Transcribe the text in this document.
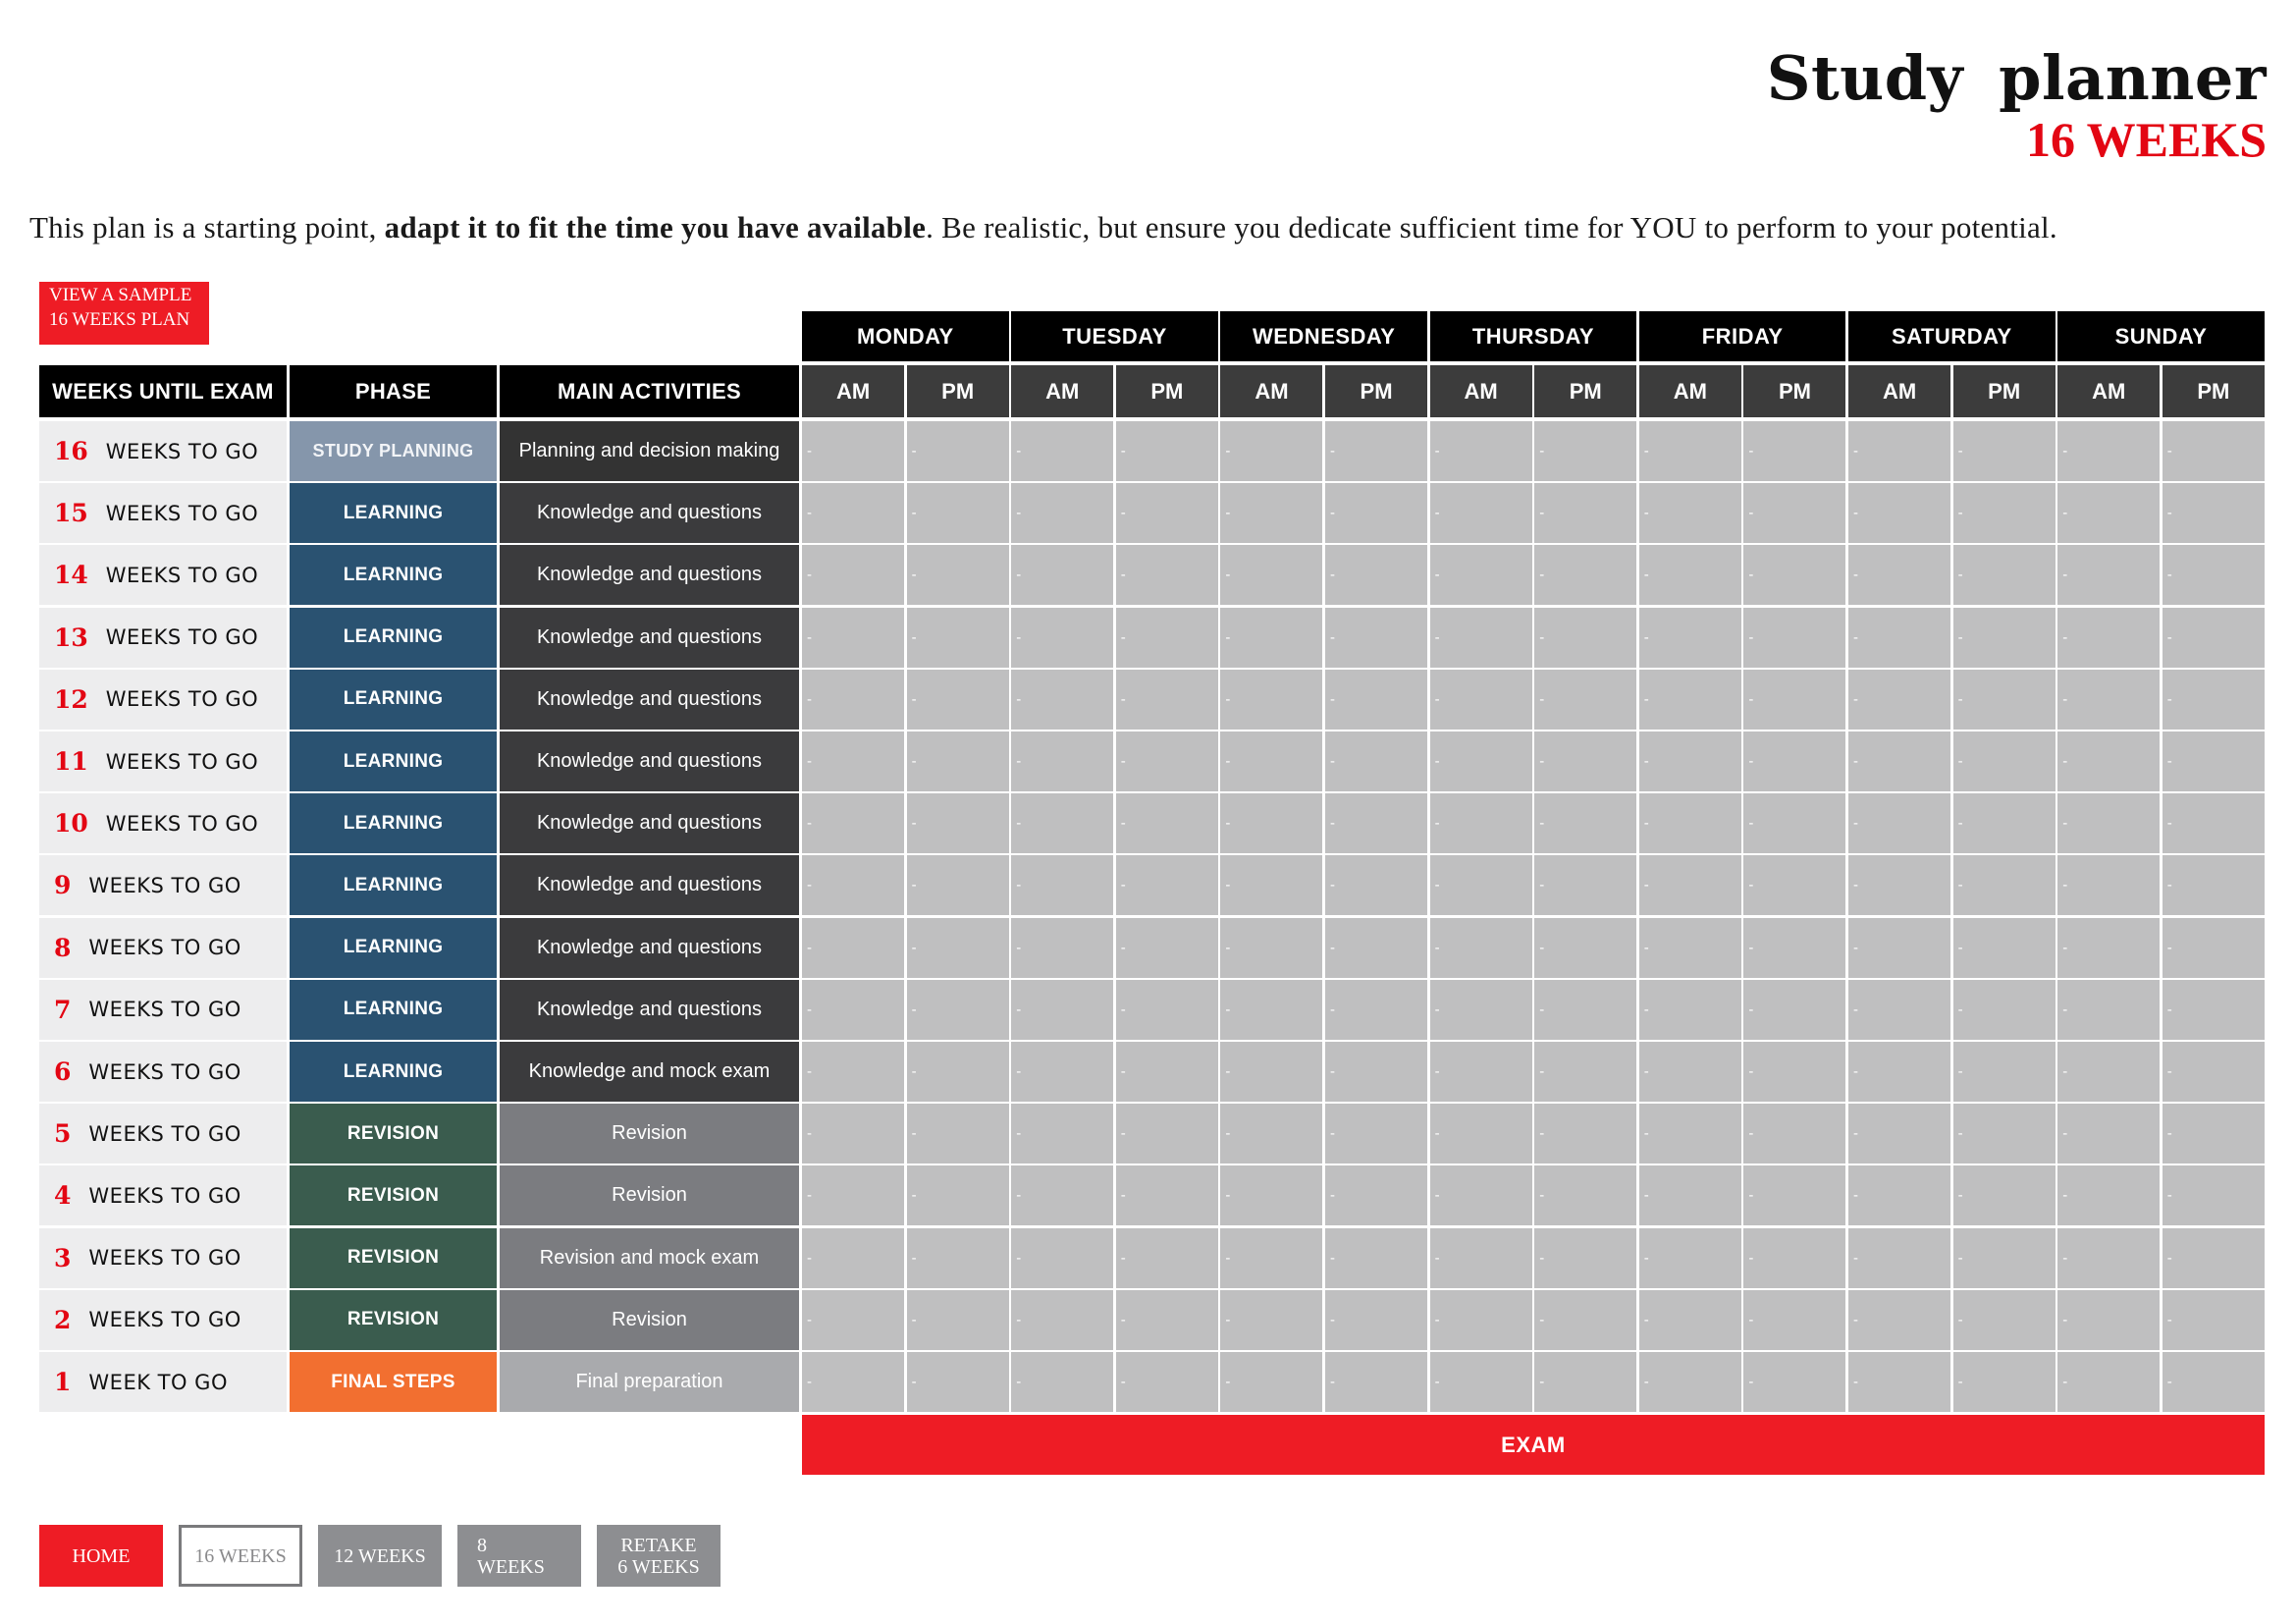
Study planner
16 WEEKS
This plan is a starting point, adapt it to fit the time you have available. Be realistic, but ensure you dedicate sufficient time for YOU to perform to your potential.
VIEW A SAMPLE
16 WEEKS PLAN
MONDAY	TUESDAY	WEDNESDAY	THURSDAY	FRIDAY	SATURDAY	SUNDAY
WEEKS UNTIL EXAM	PHASE	MAIN ACTIVITIES	AM	PM	AM	PM	AM	PM	AM	PM	AM	PM	AM	PM	AM	PM
16 WEEKS TO GO	STUDY PLANNING	Planning and decision making	-	-	-	-	-	-	-	-	-	-	-	-	-	-
15 WEEKS TO GO	LEARNING	Knowledge and questions	-	-	-	-	-	-	-	-	-	-	-	-	-	-
14 WEEKS TO GO	LEARNING	Knowledge and questions	-	-	-	-	-	-	-	-	-	-	-	-	-	-
13 WEEKS TO GO	LEARNING	Knowledge and questions	-	-	-	-	-	-	-	-	-	-	-	-	-	-
12 WEEKS TO GO	LEARNING	Knowledge and questions	-	-	-	-	-	-	-	-	-	-	-	-	-	-
11 WEEKS TO GO	LEARNING	Knowledge and questions	-	-	-	-	-	-	-	-	-	-	-	-	-	-
10 WEEKS TO GO	LEARNING	Knowledge and questions	-	-	-	-	-	-	-	-	-	-	-	-	-	-
9 WEEKS TO GO	LEARNING	Knowledge and questions	-	-	-	-	-	-	-	-	-	-	-	-	-	-
8 WEEKS TO GO	LEARNING	Knowledge and questions	-	-	-	-	-	-	-	-	-	-	-	-	-	-
7 WEEKS TO GO	LEARNING	Knowledge and questions	-	-	-	-	-	-	-	-	-	-	-	-	-	-
6 WEEKS TO GO	LEARNING	Knowledge and mock exam	-	-	-	-	-	-	-	-	-	-	-	-	-	-
5 WEEKS TO GO	REVISION	Revision	-	-	-	-	-	-	-	-	-	-	-	-	-	-
4 WEEKS TO GO	REVISION	Revision	-	-	-	-	-	-	-	-	-	-	-	-	-	-
3 WEEKS TO GO	REVISION	Revision and mock exam	-	-	-	-	-	-	-	-	-	-	-	-	-	-
2 WEEKS TO GO	REVISION	Revision	-	-	-	-	-	-	-	-	-	-	-	-	-	-
1 WEEK TO GO	FINAL STEPS	Final preparation	-	-	-	-	-	-	-	-	-	-	-	-	-	-
EXAM
HOME	16 WEEKS 12 WEEKS	8
WEEKS
RETAKE
6 WEEKS
